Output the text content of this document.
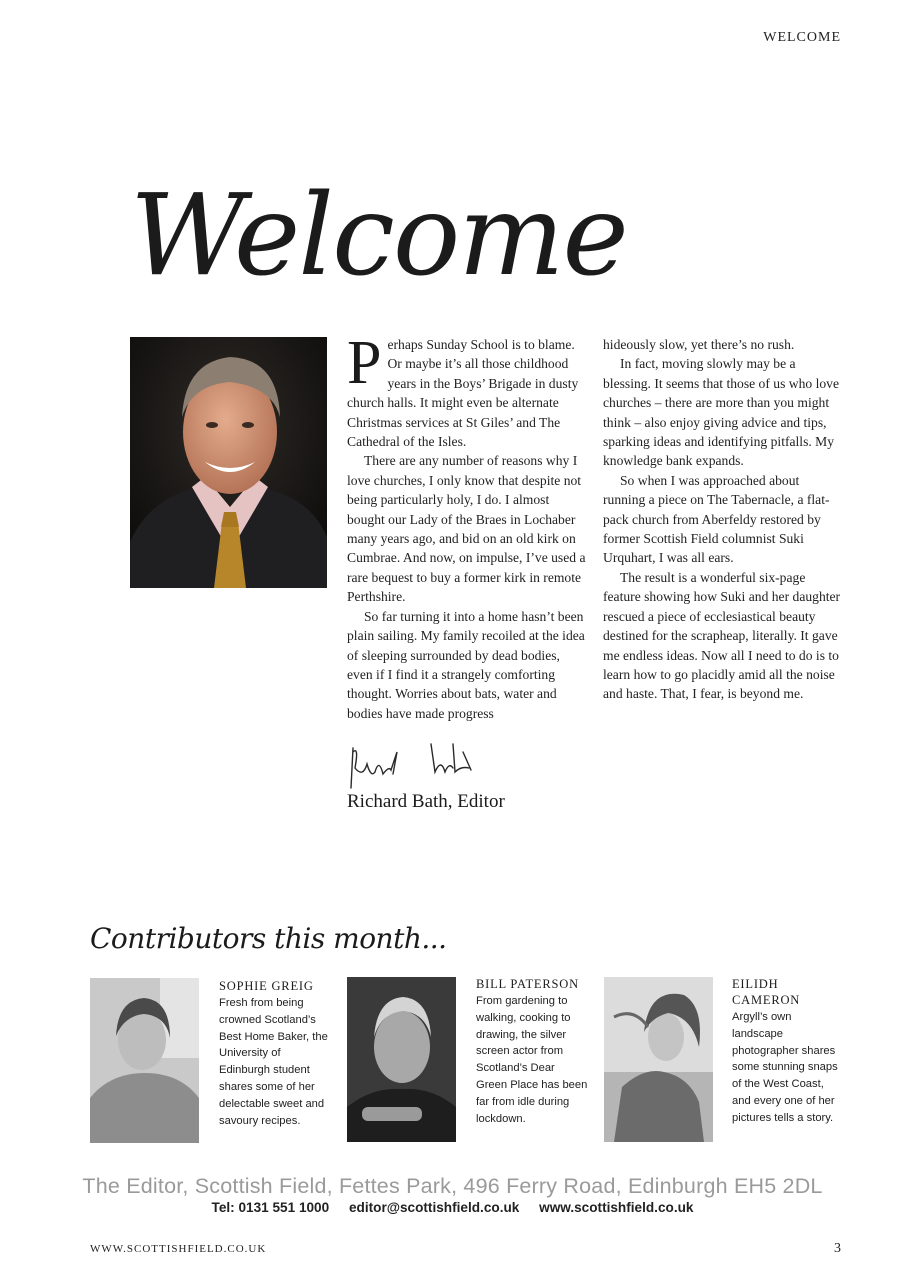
WELCOME
Welcome

Perhaps Sunday School is to blame. Or maybe it’s all those childhood years in the Boys’ Brigade in dusty church halls. It might even be alternate Christmas services at St Giles’ and The Cathedral of the Isles.

There are any number of reasons why I love churches, I only know that despite not being particularly holy, I do. I almost bought our Lady of the Braes in Lochaber many years ago, and bid on an old kirk on Cumbrae. And now, on impulse, I’ve used a rare bequest to buy a former kirk in remote Perthshire.

So far turning it into a home hasn’t been plain sailing. My family recoiled at the idea of sleeping surrounded by dead bodies, even if I find it a strangely comforting thought. Worries about bats, water and bodies have made progress

hideously slow, yet there’s no rush.

In fact, moving slowly may be a blessing. It seems that those of us who love churches – there are more than you might think – also enjoy giving advice and tips, sparking ideas and identifying pitfalls. My knowledge bank expands.

So when I was approached about running a piece on The Tabernacle, a flat-pack church from Aberfeldy restored by former Scottish Field columnist Suki Urquhart, I was all ears.

The result is a wonderful six-page feature showing how Suki and her daughter rescued a piece of ecclesiastical beauty destined for the scrapheap, literally. It gave me endless ideas. Now all I need to do is to learn how to go placidly amid all the noise and haste. That, I fear, is beyond me.

Richard Bath, Editor
Contributors this month...
SOPHIE GREIG
Fresh from being crowned Scotland’s Best Home Baker, the University of Edinburgh student shares some of her delectable sweet and savoury recipes.
BILL PATERSON
From gardening to walking, cooking to drawing, the silver screen actor from Scotland’s Dear Green Place has been far from idle during lockdown.
EILIDH CAMERON
Argyll’s own landscape photographer shares some stunning snaps of the West Coast, and every one of her pictures tells a story.
The Editor, Scottish Field, Fettes Park, 496 Ferry Road, Edinburgh EH5 2DL
Tel: 0131 551 1000 editor@scottishfield.co.uk www.scottishfield.co.uk
WWW.SCOTTISHFIELD.CO.UK	3
